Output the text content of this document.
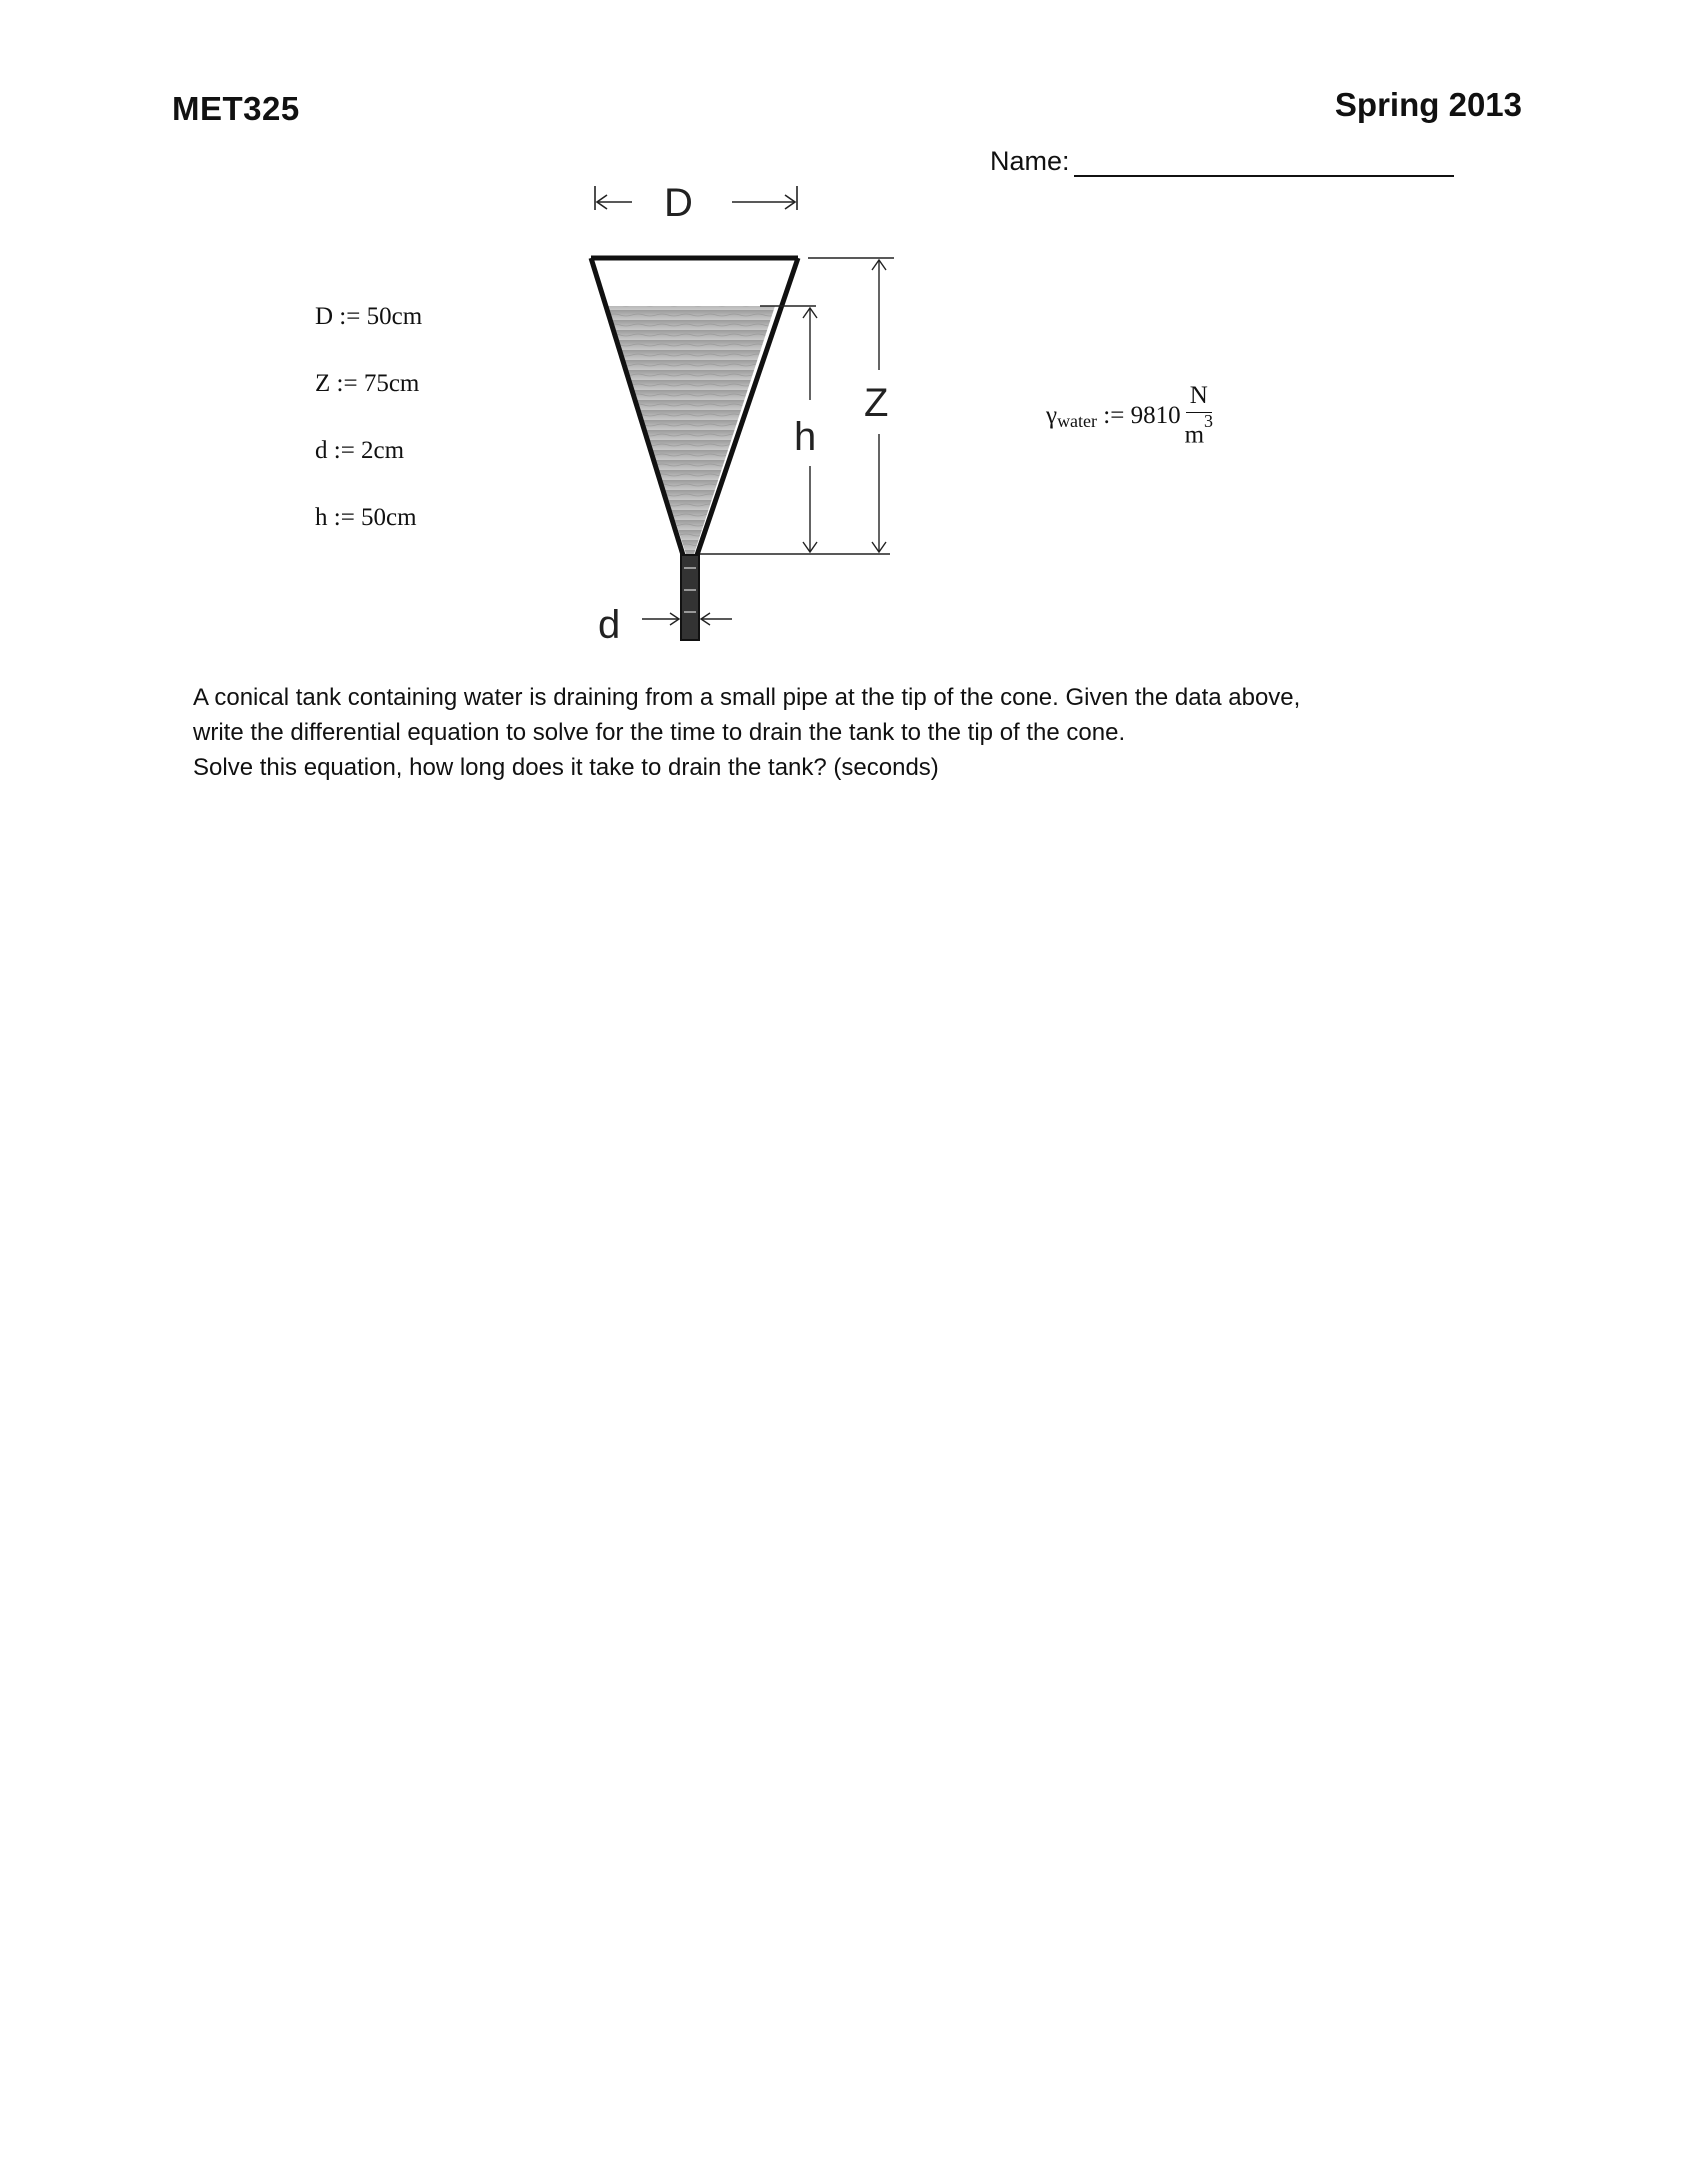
MET325	Spring 2013
Name:
D := 50cm
Z := 75cm
d := 2cm
h := 50cm
γ water := $9810 \frac{N}{m^3}$
D
h
Z
d

A conical tank containing water is draining from a small pipe at the tip of the cone. Given the data above,

write the differential equation to solve for the time to drain the tank to the tip of the cone.

Solve this equation, how long does it take to drain the tank? (seconds)
